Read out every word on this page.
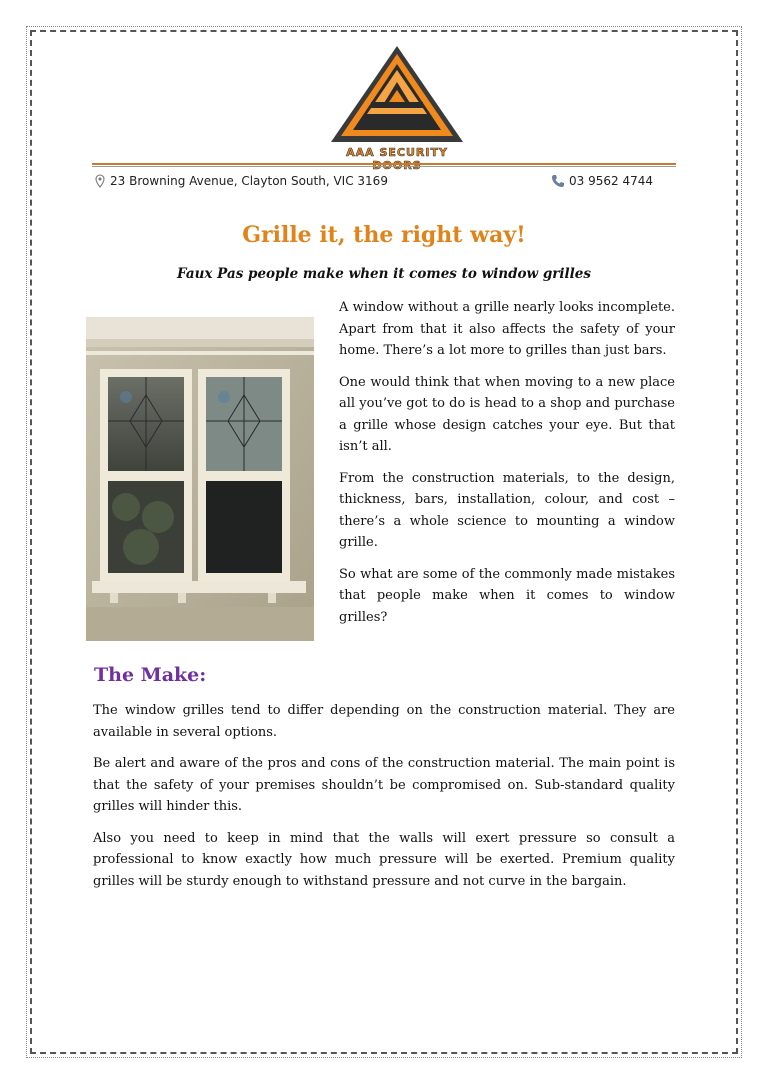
AAA SECURITY
23 Browning Avenue, Clayton South, VIC 3169	03 9562 4744
Grille it, the right way!
Faux Pas people make when it comes to window grilles

A window without a grille nearly looks incomplete. Apart from that it also affects the safety of your home. There’s a lot more to grilles than just bars.

One would think that when moving to a new place all you’ve got to do is head to a shop and purchase a grille whose design catches your eye. But that isn’t all.

From the construction materials, to the design, thickness, bars, installation, colour, and cost – there’s a whole science to mounting a window grille.

So what are some of the commonly made mistakes that people make when it comes to window grilles?

The Make:

The window grilles tend to differ depending on the construction material. They are available in several options.

Be alert and aware of the pros and cons of the construction material. The main point is that the safety of your premises shouldn’t be compromised on. Sub-standard quality grilles will hinder this.

Also you need to keep in mind that the walls will exert pressure so consult a professional to know exactly how much pressure will be exerted. Premium quality grilles will be sturdy enough to withstand pressure and not curve in the bargain.
